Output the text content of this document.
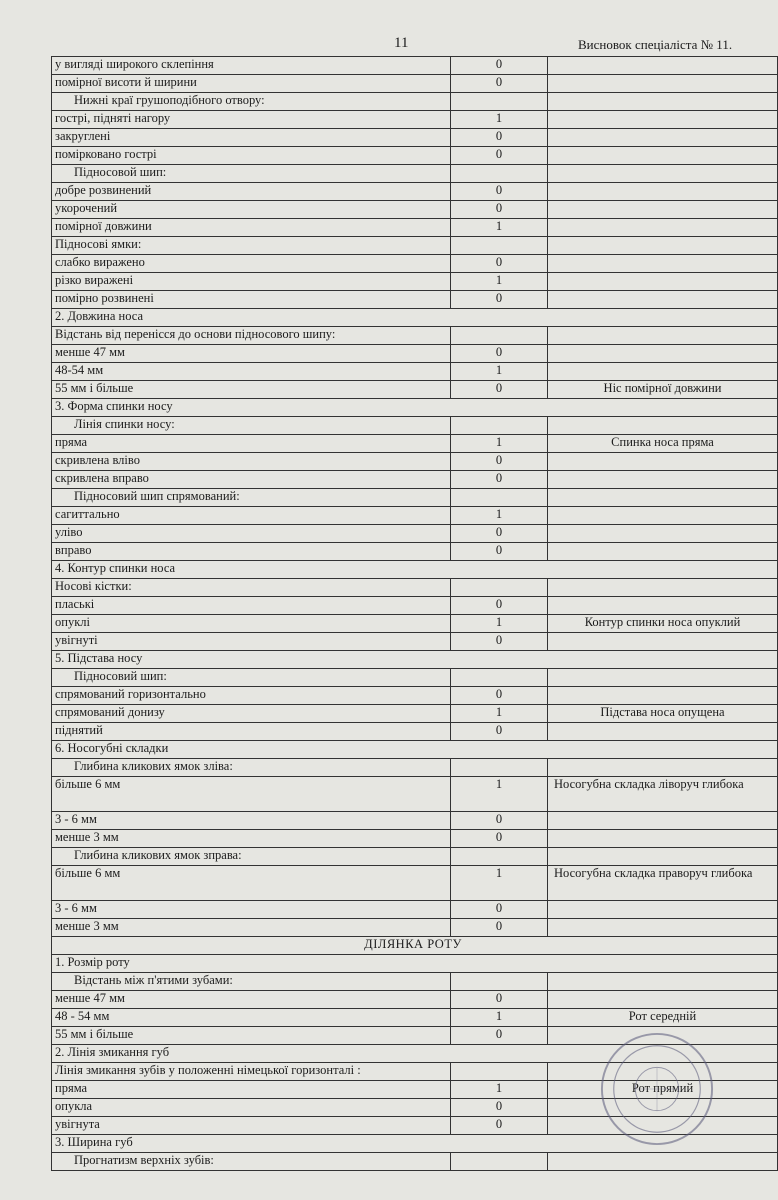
11	Висновок спеціаліста № 11.
у вигляді широкого склепіння	0	
помірної висоти й ширини	0	
Нижні краї грушоподібного отвору:		
гострі, підняті нагору	1	
закруглені	0	
помірковано гострі	0	
Підносовой шип:		
добре розвинений	0	
укорочений	0	
помірної довжини	1	
Підносові ямки:		
слабко виражено	0	
різко виражені	1	
помірно розвинені	0	
2. Довжина носа		
Відстань від перенісся до основи підносового шипу:		
менше 47 мм	0	
48-54 мм	1	
55 мм і більше	0	Ніс помірної довжини
3. Форма спинки носу		
Лінія спинки носу:		
пряма	1	Спинка носа пряма
скривлена вліво	0	
скривлена вправо	0	
Підносовий шип спрямований:		
сагиттально	1	
уліво	0	
вправо	0	
4. Контур спинки носа		
Носові кістки:		
плаські	0	
опуклі	1	Контур спинки носа опуклий
увігнуті	0	
5. Підстава носу		
Підносовий шип:		
спрямований горизонтально	0	
спрямований донизу	1	Підстава носа опущена
піднятий	0	
6. Носогубні складки		
Глибина кликових ямок зліва:		
більше 6 мм	1	Носогубна складка ліворуч глибока
3 - 6 мм	0	
менше 3 мм	0	
Глибина кликових ямок зправа:		
більше 6 мм	1	Носогубна складка праворуч глибока
3 - 6 мм	0	
менше 3 мм	0	
ДІЛЯНКА РОТУ		
1. Розмір роту		
Відстань між п'ятими зубами:		
менше 47 мм	0	
48 - 54 мм	1	Рот середній
55 мм і більше	0	
2. Лінія змикання губ		
Лінія змикання зубів у положенні німецької горизонталі :		
пряма	1	Рот прямий
опукла	0	
увігнута	0	
3. Ширина губ		
Прогнатизм верхніх зубів:		
